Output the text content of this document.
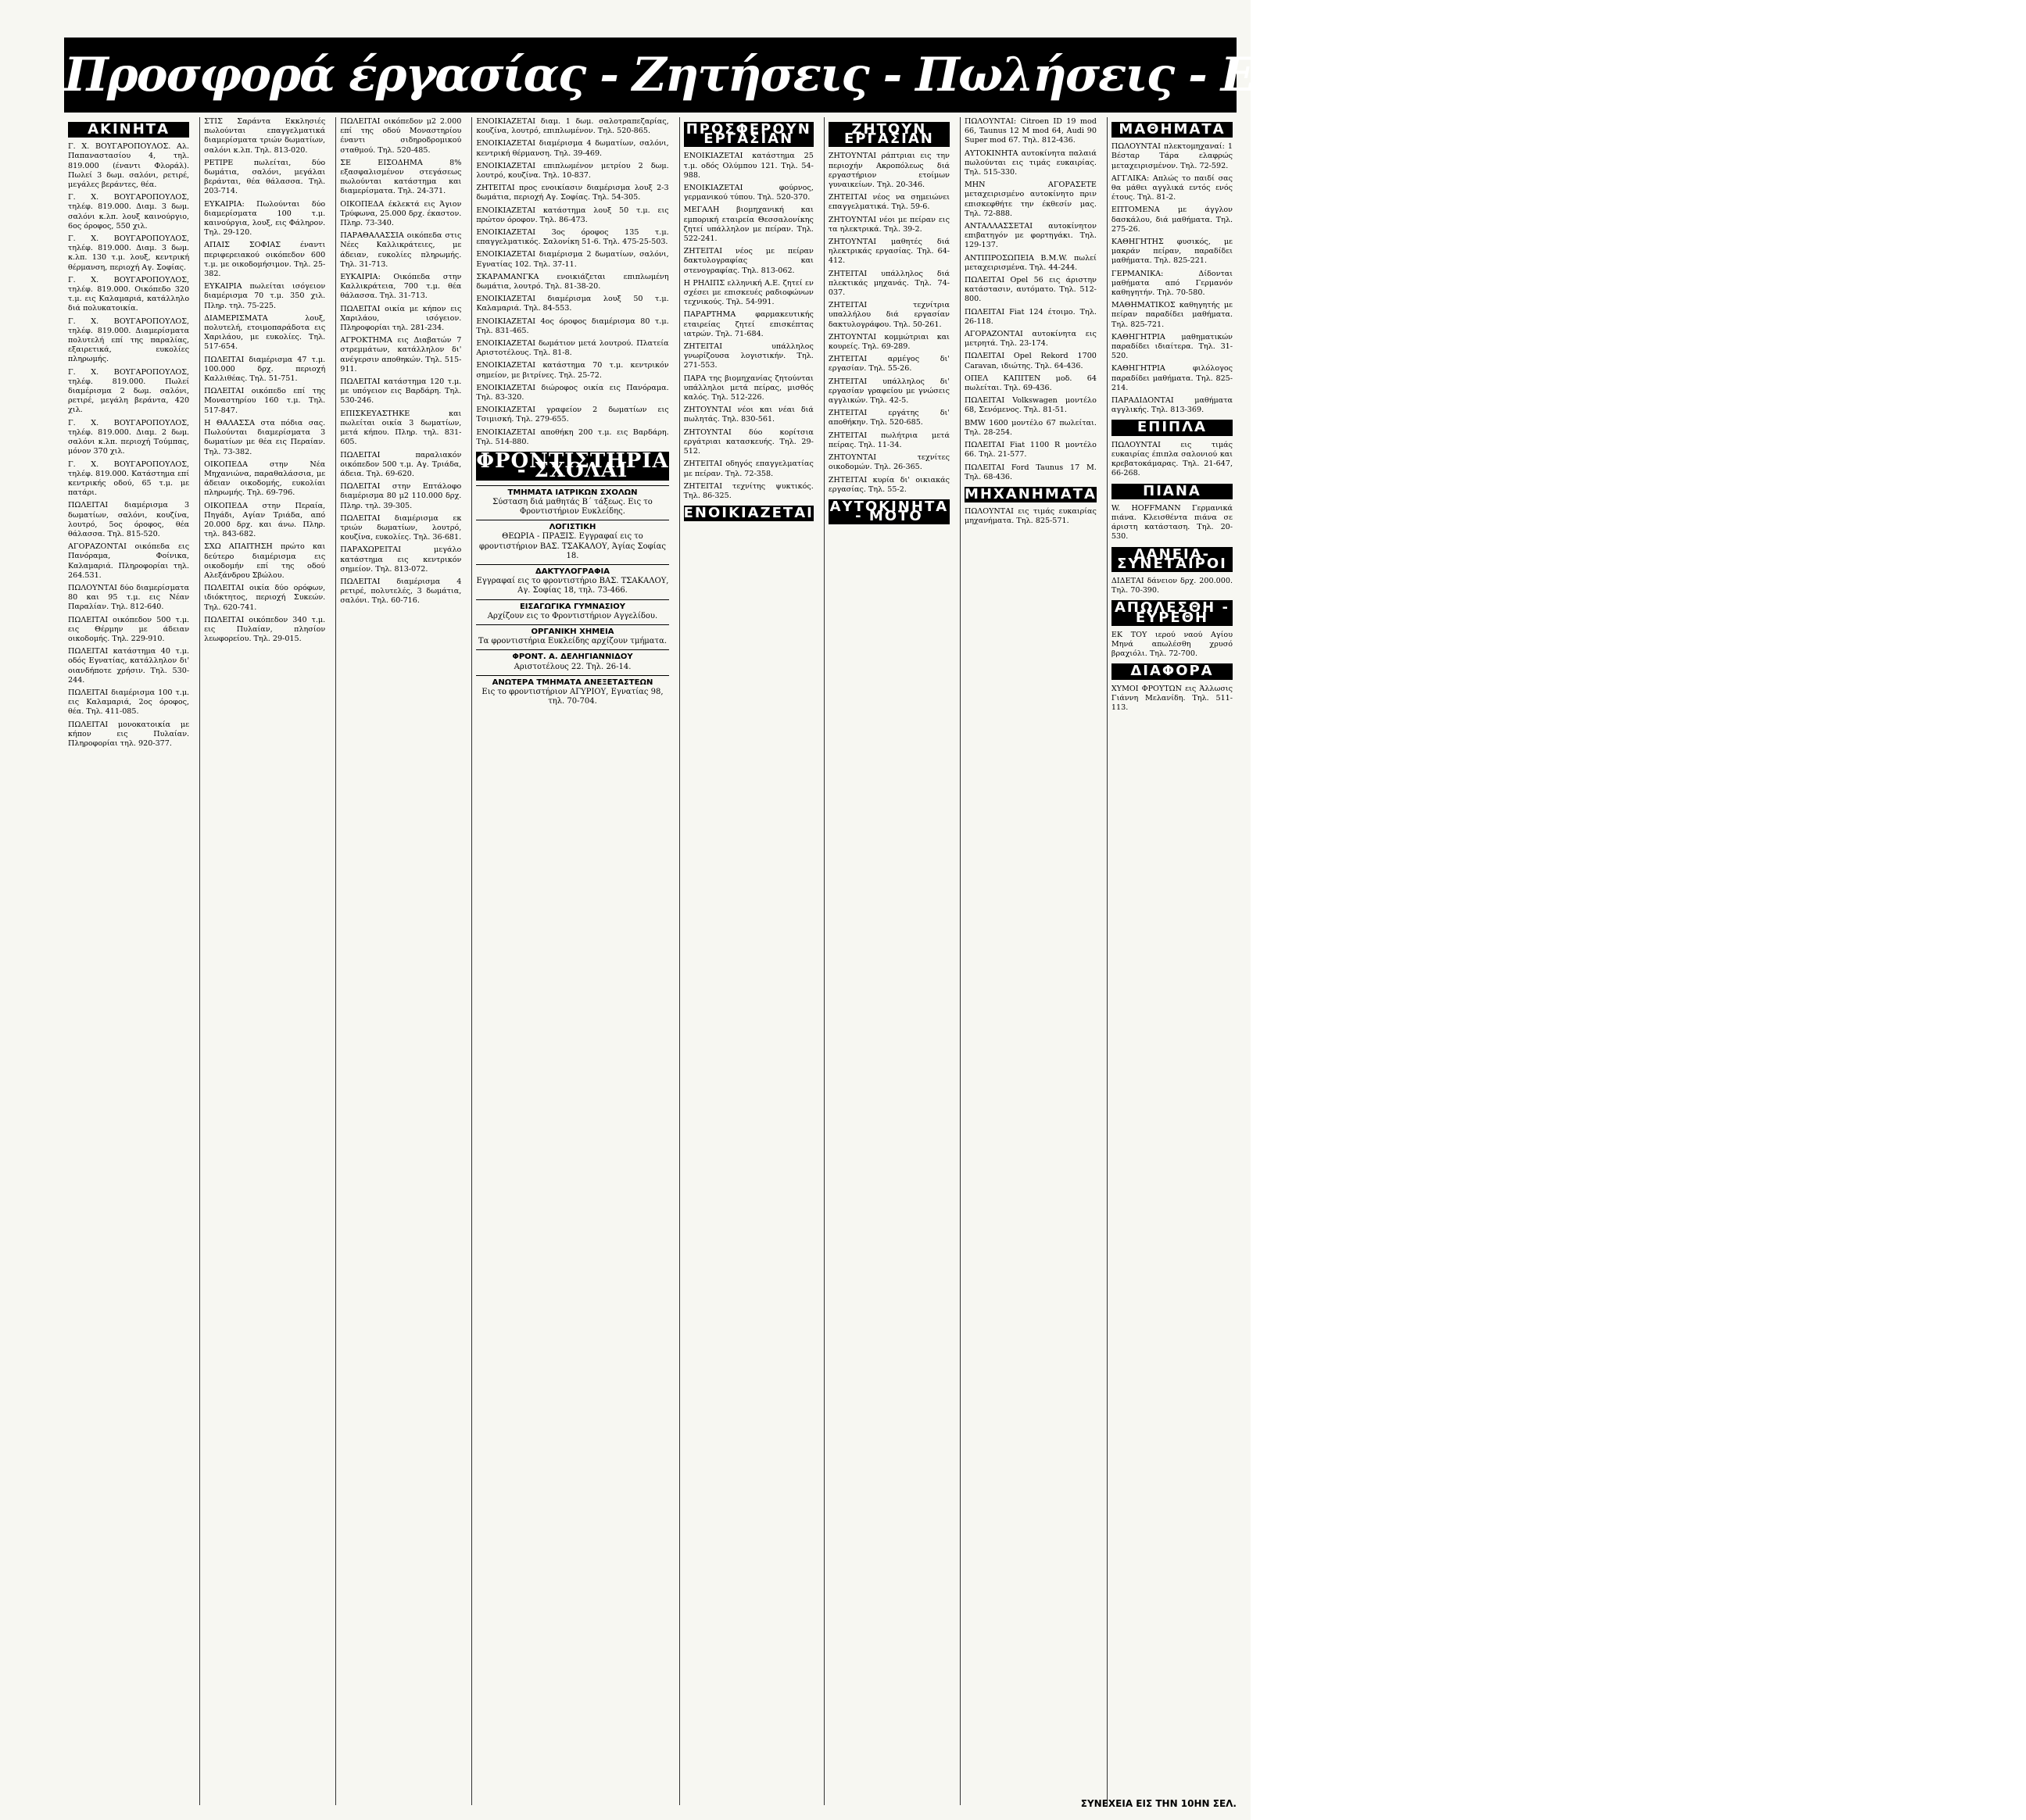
Προσφορά έργασίας - Ζητήσεις - Πωλήσεις - Ενοικιάσεις - Άγοραί - Ακίνητα
ΑΚΙΝΗΤΑ
Γ. Χ. ΒΟΥΓΑΡΟΠΟΥΛΟΣ. Αλ. Παπαναστασίου 4, τηλ. 819.000 (έναντι Φλοράλ). Πωλεί 3 δωμ. σαλόνι, ρετιρέ, μεγάλες βεράντες, θέα.
Γ. Χ. ΒΟΥΓΑΡΟΠΟΥΛΟΣ, τηλέφ. 819.000. Διαμ. 3 δωμ. σαλόνι κ.λπ. λουξ καινούργιο, 6ος όροφος, 550 χιλ.
Γ. Χ. ΒΟΥΓΑΡΟΠΟΥΛΟΣ, τηλέφ. 819.000. Διαμ. 3 δωμ. κ.λπ. 130 τ.μ. λουξ, κεντρική θέρμανση, περιοχή Αγ. Σοφίας.
Γ. Χ. ΒΟΥΓΑΡΟΠΟΥΛΟΣ, τηλέφ. 819.000. Οικόπεδο 320 τ.μ. εις Καλαμαριά, κατάλληλο διά πολυκατοικία.
Γ. Χ. ΒΟΥΓΑΡΟΠΟΥΛΟΣ, τηλέφ. 819.000. Διαμερίσματα πολυτελή επί της παραλίας, εξαιρετικά, ευκολίες πληρωμής.
Γ. Χ. ΒΟΥΓΑΡΟΠΟΥΛΟΣ, τηλέφ. 819.000. Πωλεί διαμέρισμα 2 δωμ. σαλόνι, ρετιρέ, μεγάλη βεράντα, 420 χιλ.
Γ. Χ. ΒΟΥΓΑΡΟΠΟΥΛΟΣ, τηλέφ. 819.000. Διαμ. 2 δωμ. σαλόνι κ.λπ. περιοχή Τούμπας, μόνον 370 χιλ.
Γ. Χ. ΒΟΥΓΑΡΟΠΟΥΛΟΣ, τηλέφ. 819.000. Κατάστημα επί κεντρικής οδού, 65 τ.μ. με πατάρι.
ΠΩΛΕΙΤΑΙ διαμέρισμα 3 δωματίων, σαλόνι, κουζίνα, λουτρό, 5ος όροφος, θέα θάλασσα. Τηλ. 815-520.
ΑΓΟΡΑΖΟΝΤΑΙ οικόπεδα εις Πανόραμα, Φοίνικα, Καλαμαριά. Πληροφορίαι τηλ. 264.531.
ΠΩΛΟΥΝΤΑΙ δύο διαμερίσματα 80 και 95 τ.μ. εις Νέαν Παραλίαν. Τηλ. 812-640.
ΠΩΛΕΙΤΑΙ οικόπεδον 500 τ.μ. εις Θέρμην με άδειαν οικοδομής. Τηλ. 229-910.
ΠΩΛΕΙΤΑΙ κατάστημα 40 τ.μ. οδός Εγνατίας, κατάλληλον δι' οιανδήποτε χρήσιν. Τηλ. 530-244.
ΠΩΛΕΙΤΑΙ διαμέρισμα 100 τ.μ. εις Καλαμαριά, 2ος όροφος, θέα. Τηλ. 411-085.
ΠΩΛΕΙΤΑΙ μονοκατοικία με κήπον εις Πυλαίαν. Πληροφορίαι τηλ. 920-377.
ΣΤΙΣ Σαράντα Εκκλησιές πωλούνται επαγγελματικά διαμερίσματα τριών δωματίων, σαλόνι κ.λπ. Τηλ. 813-020.
ΡΕΤΙΡΕ πωλείται, δύο δωμάτια, σαλόνι, μεγάλαι βεράνται, θέα θάλασσα. Τηλ. 203-714.
ΕΥΚΑΙΡΙΑ: Πωλούνται δύο διαμερίσματα 100 τ.μ. καινούργια, λουξ, εις Φάληρον. Τηλ. 29-120.
ΑΠΑΙΣ ΣΟΦΙΑΣ έναντι περιφερειακού οικόπεδον 600 τ.μ. με οικοδομήσιμον. Τηλ. 25-382.
ΕΥΚΑΙΡΙΑ πωλείται ισόγειον διαμέρισμα 70 τ.μ. 350 χιλ. Πληρ. τηλ. 75-225.
ΔΙΑΜΕΡΙΣΜΑΤΑ λουξ, πολυτελή, ετοιμοπαράδοτα εις Χαριλάου, με ευκολίες. Τηλ. 517-654.
ΠΩΛΕΙΤΑΙ διαμέρισμα 47 τ.μ. 100.000 δρχ. περιοχή Καλλιθέας. Τηλ. 51-751.
ΠΩΛΕΙΤΑΙ οικόπεδο επί της Μοναστηρίου 160 τ.μ. Τηλ. 517-847.
Η ΘΑΛΑΣΣΑ στα πόδια σας. Πωλούνται διαμερίσματα 3 δωματίων με θέα εις Περαίαν. Τηλ. 73-382.
ΟΙΚΟΠΕΔΑ στην Νέα Μηχανιώνα, παραθαλάσσια, με άδειαν οικοδομής, ευκολίαι πληρωμής. Τηλ. 69-796.
ΟΙΚΟΠΕΔΑ στην Περαία, Πηγάδι, Αγίαν Τριάδα, από 20.000 δρχ. και άνω. Πληρ. τηλ. 843-682.
ΣΧΩ ΑΠΑΙΤΗΣΗ πρώτο και δεύτερο διαμέρισμα εις οικοδομήν επί της οδού Αλεξάνδρου Σβώλου.
ΠΩΛΕΙΤΑΙ οικία δύο ορόφων, ιδιόκτητος, περιοχή Συκεών. Τηλ. 620-741.
ΠΩΛΕΙΤΑΙ οικόπεδον 340 τ.μ. εις Πυλαίαν, πλησίον λεωφορείου. Τηλ. 29-015.
ΠΩΛΕΙΤΑΙ οικόπεδον μ2 2.000 επί της οδού Μοναστηρίου έναντι σιδηροδρομικού σταθμού. Τηλ. 520-485.
ΣΕ ΕΙΣΟΔΗΜΑ 8% εξασφαλισμένον στεγάσεως πωλούνται κατάστημα και διαμερίσματα. Τηλ. 24-371.
ΟΙΚΟΠΕΔΑ έκλεκτά εις Άγιον Τρύφωνα, 25.000 δρχ. έκαστον. Πληρ. 73-340.
ΠΑΡΑΘΑΛΑΣΣΙΑ οικόπεδα στις Νέες Καλλικράτειες, με άδειαν, ευκολίες πληρωμής. Τηλ. 31-713.
ΕΥΚΑΙΡΙΑ: Οικόπεδα στην Καλλικράτεια, 700 τ.μ. θέα θάλασσα. Τηλ. 31-713.
ΠΩΛΕΙΤΑΙ οικία με κήπον εις Χαριλάου, ισόγειον. Πληροφορίαι τηλ. 281-234.
ΑΓΡΟΚΤΗΜΑ εις Διαβατών 7 στρεμμάτων, κατάλληλον δι' ανέγερσιν αποθηκών. Τηλ. 515-911.
ΠΩΛΕΙΤΑΙ κατάστημα 120 τ.μ. με υπόγειον εις Βαρδάρη. Τηλ. 530-246.
ΕΠΙΣΚΕΥΑΣΤΗΚΕ και πωλείται οικία 3 δωματίων, μετά κήπου. Πληρ. τηλ. 831-605.
ΠΩΛΕΙΤΑΙ παραλιακόν οικόπεδον 500 τ.μ. Αγ. Τριάδα, άδεια. Τηλ. 69-620.
ΠΩΛΕΙΤΑΙ στην Επτάλοφο διαμέρισμα 80 μ2 110.000 δρχ. Πληρ. τηλ. 39-305.
ΠΩΛΕΙΤΑΙ διαμέρισμα εκ τριών δωματίων, λουτρό, κουζίνα, ευκολίες. Τηλ. 36-681.
ΠΑΡΑΧΩΡΕΙΤΑΙ μεγάλο κατάστημα εις κεντρικόν σημείον. Τηλ. 813-072.
ΠΩΛΕΙΤΑΙ διαμέρισμα 4 ρετιρέ, πολυτελές, 3 δωμάτια, σαλόνι. Τηλ. 60-716.
ΕΝΟΙΚΙΑΖΕΤΑΙ διαμ. 1 δωμ. σαλοτραπεζαρίας, κουζίνα, λουτρό, επιπλωμένον. Τηλ. 520-865.
ΕΝΟΙΚΙΑΖΕΤΑΙ διαμέρισμα 4 δωματίων, σαλόνι, κεντρική θέρμανση. Τηλ. 39-469.
ΕΝΟΙΚΙΑΖΕΤΑΙ επιπλωμένον μετρίου 2 δωμ. λουτρό, κουζίνα. Τηλ. 10-837.
ΖΗΤΕΙΤΑΙ προς ενοικίασιν διαμέρισμα λουξ 2-3 δωμάτια, περιοχή Αγ. Σοφίας. Τηλ. 54-305.
ΕΝΟΙΚΙΑΖΕΤΑΙ κατάστημα λουξ 50 τ.μ. εις πρώτον όροφον. Τηλ. 86-473.
ΕΝΟΙΚΙΑΖΕΤΑΙ 3ος όροφος 135 τ.μ. επαγγελματικός. Σαλονίκη 51-6. Τηλ. 475-25-503.
ΕΝΟΙΚΙΑΖΕΤΑΙ διαμέρισμα 2 δωματίων, σαλόνι, Εγνατίας 102. Τηλ. 37-11.
ΣΚΑΡΑΜΑΝΓΚΑ ενοικιάζεται επιπλωμένη δωμάτια, λουτρό. Τηλ. 81-38-20.
ΕΝΟΙΚΙΑΖΕΤΑΙ διαμέρισμα λουξ 50 τ.μ. Καλαμαριά. Τηλ. 84-553.
ΕΝΟΙΚΙΑΖΕΤΑΙ 4ος όροφος διαμέρισμα 80 τ.μ. Τηλ. 831-465.
ΕΝΟΙΚΙΑΖΕΤΑΙ δωμάτιον μετά λουτρού. Πλατεία Αριστοτέλους. Τηλ. 81-8.
ΕΝΟΙΚΙΑΖΕΤΑΙ κατάστημα 70 τ.μ. κεντρικόν σημείον, με βιτρίνες. Τηλ. 25-72.
ΕΝΟΙΚΙΑΖΕΤΑΙ διώροφος οικία εις Πανόραμα. Τηλ. 83-320.
ΕΝΟΙΚΙΑΖΕΤΑΙ γραφείον 2 δωματίων εις Τσιμισκή. Τηλ. 279-655.
ΕΝΟΙΚΙΑΖΕΤΑΙ αποθήκη 200 τ.μ. εις Βαρδάρη. Τηλ. 514-880.
ΦΡΟΝΤΙΣΤΗΡΙΑ - ΣΧΟΛΑΙ
ΤΜΗΜΑΤΑ ΙΑΤΡΙΚΩΝ ΣΧΟΛΩΝ
Σύσταση διά μαθητάς Β΄ τάξεως. Εις το Φροντιστήριον Ευκλείδης.
ΛΟΓΙΣΤΙΚΗ
ΘΕΩΡΙΑ - ΠΡΑΞΙΣ. Εγγραφαί εις το φροντιστήριον ΒΑΣ. ΤΣΑΚΑΛΟΥ, Άγίας Σοφίας 18.
ΔΑΚΤΥΛΟΓΡΑΦΙΑ
Εγγραφαί εις το φροντιστήριο ΒΑΣ. ΤΣΑΚΑΛΟΥ, Αγ. Σοφίας 18, τηλ. 73-466.
ΕΙΣΑΓΩΓΙΚΑ ΓΥΜΝΑΣΙΟΥ
Αρχίζουν εις το Φροντιστήριον Αγγελίδου.
ΟΡΓΑΝΙΚΗ ΧΗΜΕΙΑ
Τα φροντιστήρια Ευκλείδης αρχίζουν τμήματα.
ΦΡΟΝΤ. Α. ΔΕΛΗΓΙΑΝΝΙΔΟΥ
Αριστοτέλους 22. Τηλ. 26-14.
ΑΝΩΤΕΡΑ ΤΜΗΜΑΤΑ ΑΝΕΞΕΤΑΣΤΕΩΝ
Εις το φροντιστήριον ΑΓΥΡΙΟΥ, Εγνατίας 98, τηλ. 70-704.
ΠΡΟΣΦΕΡΟΥΝ ΕΡΓΑΣΙΑΝ
ΕΝΟΙΚΙΑΖΕΤΑΙ κατάστημα 25 τ.μ. οδός Ολύμπου 121. Τηλ. 54-988.
ΕΝΟΙΚΙΑΖΕΤΑΙ φούρνος, γερμανικού τύπου. Τηλ. 520-370.
ΜΕΓΑΛΗ βιομηχανική και εμπορική εταιρεία Θεσσαλονίκης ζητεί υπάλληλον με πείραν. Τηλ. 522-241.
ΖΗΤΕΙΤΑΙ νέος με πείραν δακτυλογραφίας και στενογραφίας. Τηλ. 813-062.
Η ΡΗΛΙΠΣ ελληνική Α.Ε. ζητεί εν σχέσει με επισκευές ραδιοφώνων τεχνικούς. Τηλ. 54-991.
ΠΑΡΑΡΤΗΜΑ φαρμακευτικής εταιρείας ζητεί επισκέπτας ιατρών. Τηλ. 71-684.
ΖΗΤΕΙΤΑΙ υπάλληλος γνωρίζουσα λογιστικήν. Τηλ. 271-553.
ΠΑΡΑ της βιομηχανίας ζητούνται υπάλληλοι μετά πείρας, μισθός καλός. Τηλ. 512-226.
ΖΗΤΟΥΝΤΑΙ νέοι και νέαι διά πωλητάς. Τηλ. 830-561.
ΖΗΤΟΥΝΤΑΙ δύο κορίτσια εργάτριαι κατασκευής. Τηλ. 29-512.
ΖΗΤΕΙΤΑΙ οδηγός επαγγελματίας με πείραν. Τηλ. 72-358.
ΖΗΤΕΙΤΑΙ τεχνίτης ψυκτικός. Τηλ. 86-325.
ΕΝΟΙΚΙΑΖΕΤΑΙ
ΖΗΤΟΥΝ ΕΡΓΑΣΙΑΝ
ΖΗΤΟΥΝΤΑΙ ράπτριαι εις την περιοχήν Ακροπόλεως διά εργαστήριον ετοίμων γυναικείων. Τηλ. 20-346.
ΖΗΤΕΙΤΑΙ νέος να σημειώνει επαγγελματικά. Τηλ. 59-6.
ΖΗΤΟΥΝΤΑΙ νέοι με πείραν εις τα ηλεκτρικά. Τηλ. 39-2.
ΖΗΤΟΥΝΤΑΙ μαθητές διά ηλεκτρικάς εργασίας. Τηλ. 64-412.
ΖΗΤΕΙΤΑΙ υπάλληλος διά πλεκτικάς μηχανάς. Τηλ. 74-037.
ΖΗΤΕΙΤΑΙ τεχνίτρια υπαλλήλου διά εργασίαν δακτυλογράφου. Τηλ. 50-261.
ΖΗΤΟΥΝΤΑΙ κομμώτριαι και κουρείς. Τηλ. 69-289.
ΖΗΤΕΙΤΑΙ αρμέγος δι' εργασίαν. Τηλ. 55-26.
ΖΗΤΕΙΤΑΙ υπάλληλος δι' εργασίαν γραφείου με γνώσεις αγγλικών. Τηλ. 42-5.
ΖΗΤΕΙΤΑΙ εργάτης δι' αποθήκην. Τηλ. 520-685.
ΖΗΤΕΙΤΑΙ πωλήτρια μετά πείρας. Τηλ. 11-34.
ΖΗΤΟΥΝΤΑΙ τεχνίτες οικοδομών. Τηλ. 26-365.
ΖΗΤΕΙΤΑΙ κυρία δι' οικιακάς εργασίας. Τηλ. 55-2.
ΑΥΤΟΚΙΝΗΤΑ - ΜΟΤΟ
ΠΩΛΟΥΝΤΑΙ: Citroen ID 19 mod 66, Taunus 12 M mod 64, Audi 90 Super mod 67. Τηλ. 812-436.
ΑΥΤΟΚΙΝΗΤΑ αυτοκίνητα παλαιά πωλούνται εις τιμάς ευκαιρίας. Τηλ. 515-330.
ΜΗΝ ΑΓΟΡΑΣΕΤΕ μεταχειρισμένο αυτοκίνητο πριν επισκεφθήτε την έκθεσίν μας. Τηλ. 72-888.
ΑΝΤΑΛΛΑΣΣΕΤΑΙ αυτοκίνητον επιβατηγόν με φορτηγάκι. Τηλ. 129-137.
ΑΝΤΙΠΡΟΣΩΠΕΙΑ Β.Μ.W. πωλεί μεταχειρισμένα. Τηλ. 44-244.
ΠΩΛΕΙΤΑΙ Opel 56 εις άριστην κατάστασιν, αυτόματο. Τηλ. 512-800.
ΠΩΛΕΙΤΑΙ Fiat 124 έτοιμο. Τηλ. 26-118.
ΑΓΟΡΑΖΟΝΤΑΙ αυτοκίνητα εις μετρητά. Τηλ. 23-174.
ΠΩΛΕΙΤΑΙ Opel Rekord 1700 Caravan, ιδιώτης. Τηλ. 64-436.
ΟΠΕΛ ΚΑΠΙΤΕΝ μοδ. 64 πωλείται. Τηλ. 69-436.
ΠΩΛΕΙΤΑΙ Volkswagen μοντέλο 68, Σενόμενος. Τηλ. 81-51.
BMW 1600 μοντέλο 67 πωλείται. Τηλ. 28-254.
ΠΩΛΕΙΤΑΙ Fiat 1100 R μοντέλο 66. Τηλ. 21-577.
ΠΩΛΕΙΤΑΙ Ford Taunus 17 Μ. Τηλ. 68-436.
ΜΗΧΑΝΗΜΑΤΑ
ΠΩΛΟΥΝΤΑΙ εις τιμάς ευκαιρίας μηχανήματα. Τηλ. 825-571.
ΜΑΘΗΜΑΤΑ
ΠΩΛΟΥΝΤΑΙ πλεκτομηχαναί: 1 Βέσταρ Τάρα ελαφρώς μεταχειρισμένον. Τηλ. 72-592.
ΑΓΓΛΙΚΑ: Απλώς το παιδί σας θα μάθει αγγλικά εντός ενός έτους. Τηλ. 81-2.
ΕΠΤΟΜΕΝΑ με άγγλον δασκάλου, διά μαθήματα. Τηλ. 275-26.
ΚΑΘΗΓΗΤΗΣ φυσικός, με μακράν πείραν, παραδίδει μαθήματα. Τηλ. 825-221.
ΓΕΡΜΑΝΙΚΑ: Δίδονται μαθήματα από Γερμανόν καθηγητήν. Τηλ. 70-580.
ΜΑΘΗΜΑΤΙΚΟΣ καθηγητής με πείραν παραδίδει μαθήματα. Τηλ. 825-721.
ΚΑΘΗΓΗΤΡΙΑ μαθηματικών παραδίδει ιδιαίτερα. Τηλ. 31-520.
ΚΑΘΗΓΗΤΡΙΑ φιλόλογος παραδίδει μαθήματα. Τηλ. 825-214.
ΠΑΡΑΔΙΔΟΝΤΑΙ μαθήματα αγγλικής. Τηλ. 813-369.
ΕΠΙΠΛΑ
ΠΩΛΟΥΝΤΑΙ εις τιμάς ευκαιρίας έπιπλα σαλονιού και κρεβατοκάμαρας. Τηλ. 21-647, 66-268.
ΠΙΑΝΑ
W. HOFFMANN Γερμανικά πιάνα. Κλεισθέντα πιάνα σε άριστη κατάσταση. Τηλ. 20-530.
ΔΑΝΕΙΑ-ΣΥΝΕΤΑΙΡΟΙ
ΔΙΔΕΤΑΙ δάνειον δρχ. 200.000. Τηλ. 70-390.
ΑΠΩΛΕΣΘΗ - ΕΥΡΕΘΗ
ΕΚ ΤΟΥ ιερού ναού Αγίου Μηνά απωλέσθη χρυσό βραχιόλι. Τηλ. 72-700.
ΔΙΑΦΟΡΑ
ΧΥΜΟΙ ΦΡΟΥΤΩΝ εις Άλλωσις Γιάννη Μελανίδη. Τηλ. 511-113.
ΣΥΝΕΧΕΙΑ ΕΙΣ ΤΗΝ 10ΗΝ ΣΕΛ.
